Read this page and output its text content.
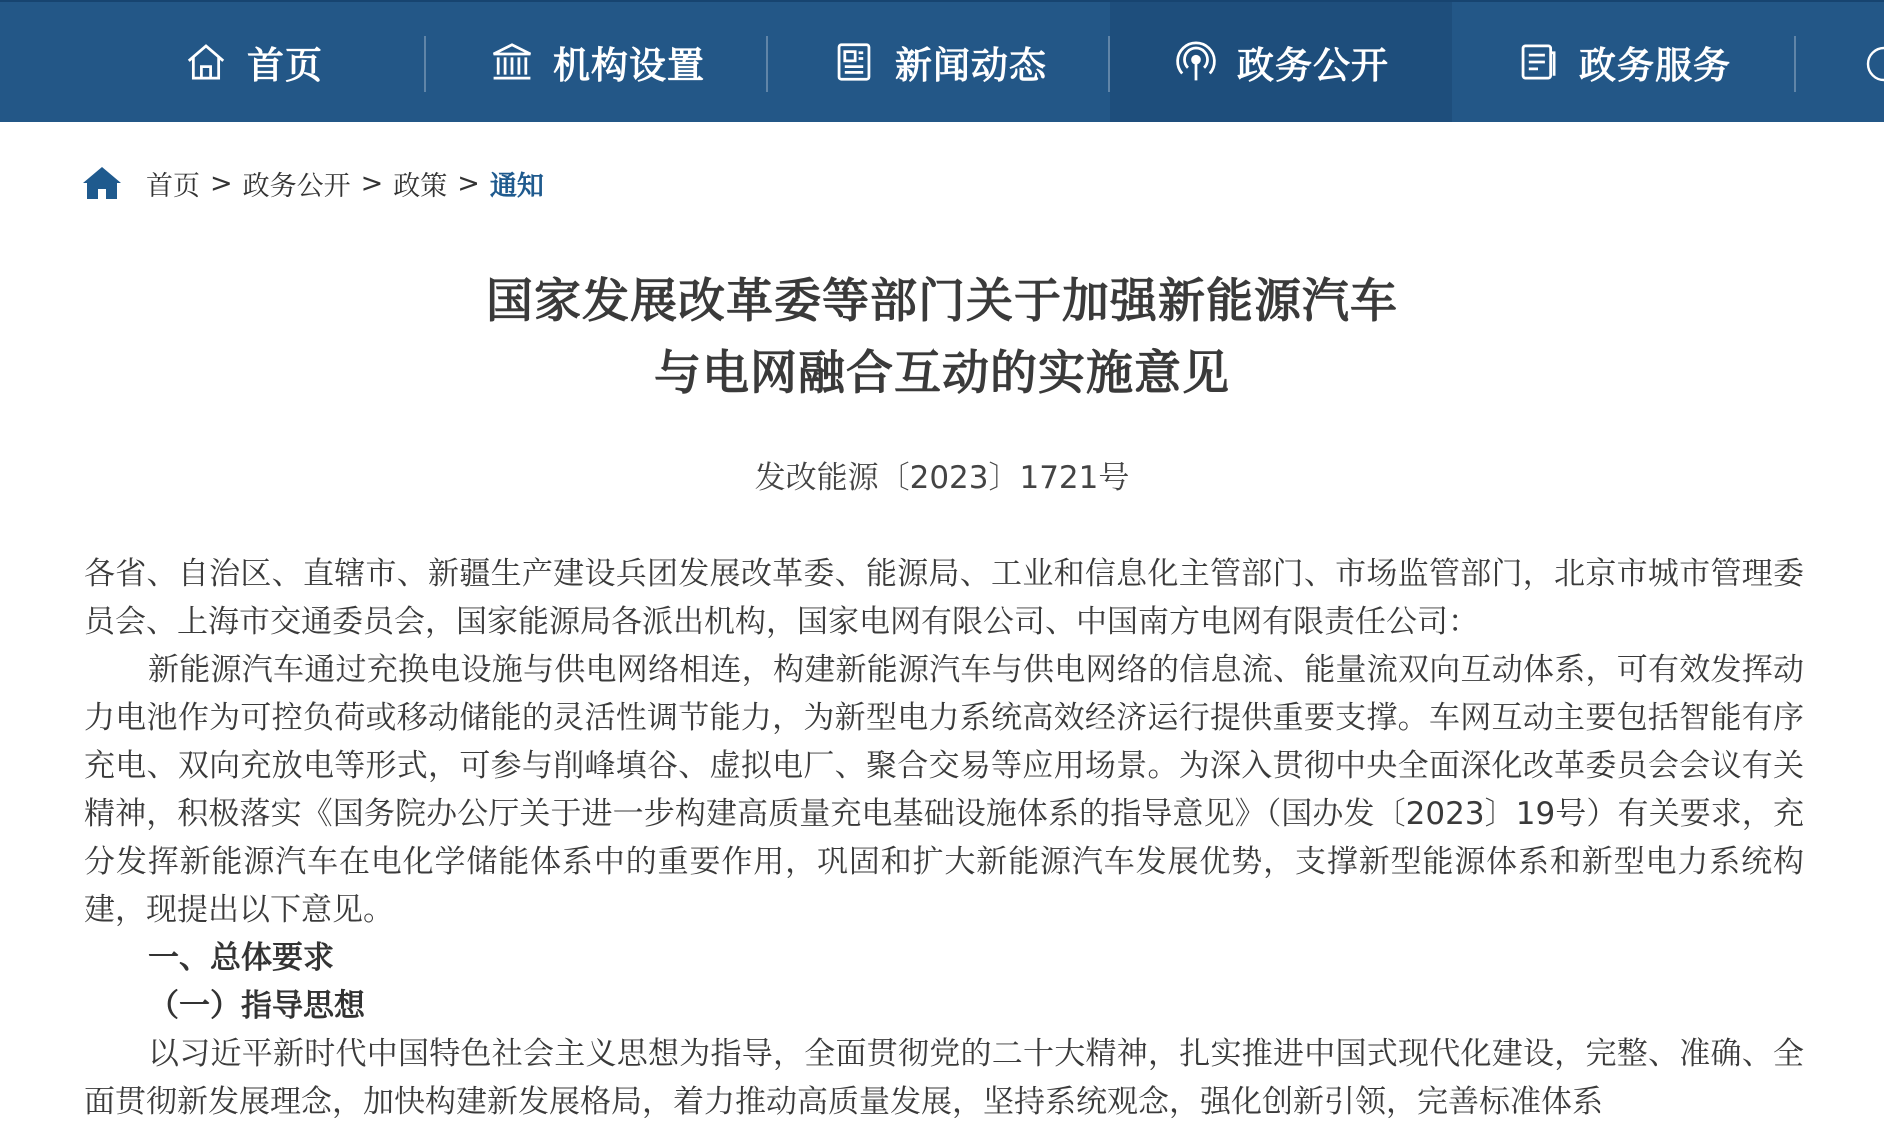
首页	机构设置	新闻动态	政务公开	政务服务
首页 > 政务公开 > 政策 > 通知
国家发展改革委等部门关于加强新能源汽车
与电网融合互动的实施意见
发改能源〔2023〕1721号

各省、自治区、直辖市、新疆生产建设兵团发展改革委、能源局、工业和信息化主管部门、市场监管部门，北京市城市管理委员会、上海市交通委员会，国家能源局各派出机构，国家电网有限公司、中国南方电网有限责任公司：

新能源汽车通过充换电设施与供电网络相连，构建新能源汽车与供电网络的信息流、能量流双向互动体系，可有效发挥动力电池作为可控负荷或移动储能的灵活性调节能力，为新型电力系统高效经济运行提供重要支撑。车网互动主要包括智能有序充电、双向充放电等形式，可参与削峰填谷、虚拟电厂、聚合交易等应用场景。为深入贯彻中央全面深化改革委员会会议有关精神，积极落实《国务院办公厅关于进一步构建高质量充电基础设施体系的指导意见》（国办发〔2023〕19号）有关要求，充分发挥新能源汽车在电化学储能体系中的重要作用，巩固和扩大新能源汽车发展优势，支撑新型能源体系和新型电力系统构建，现提出以下意见。

一、总体要求

（一）指导思想

以习近平新时代中国特色社会主义思想为指导，全面贯彻党的二十大精神，扎实推进中国式现代化建设，完整、准确、全面贯彻新发展理念，加快构建新发展格局，着力推动高质量发展，坚持系统观念，强化创新引领，完善标准体系
